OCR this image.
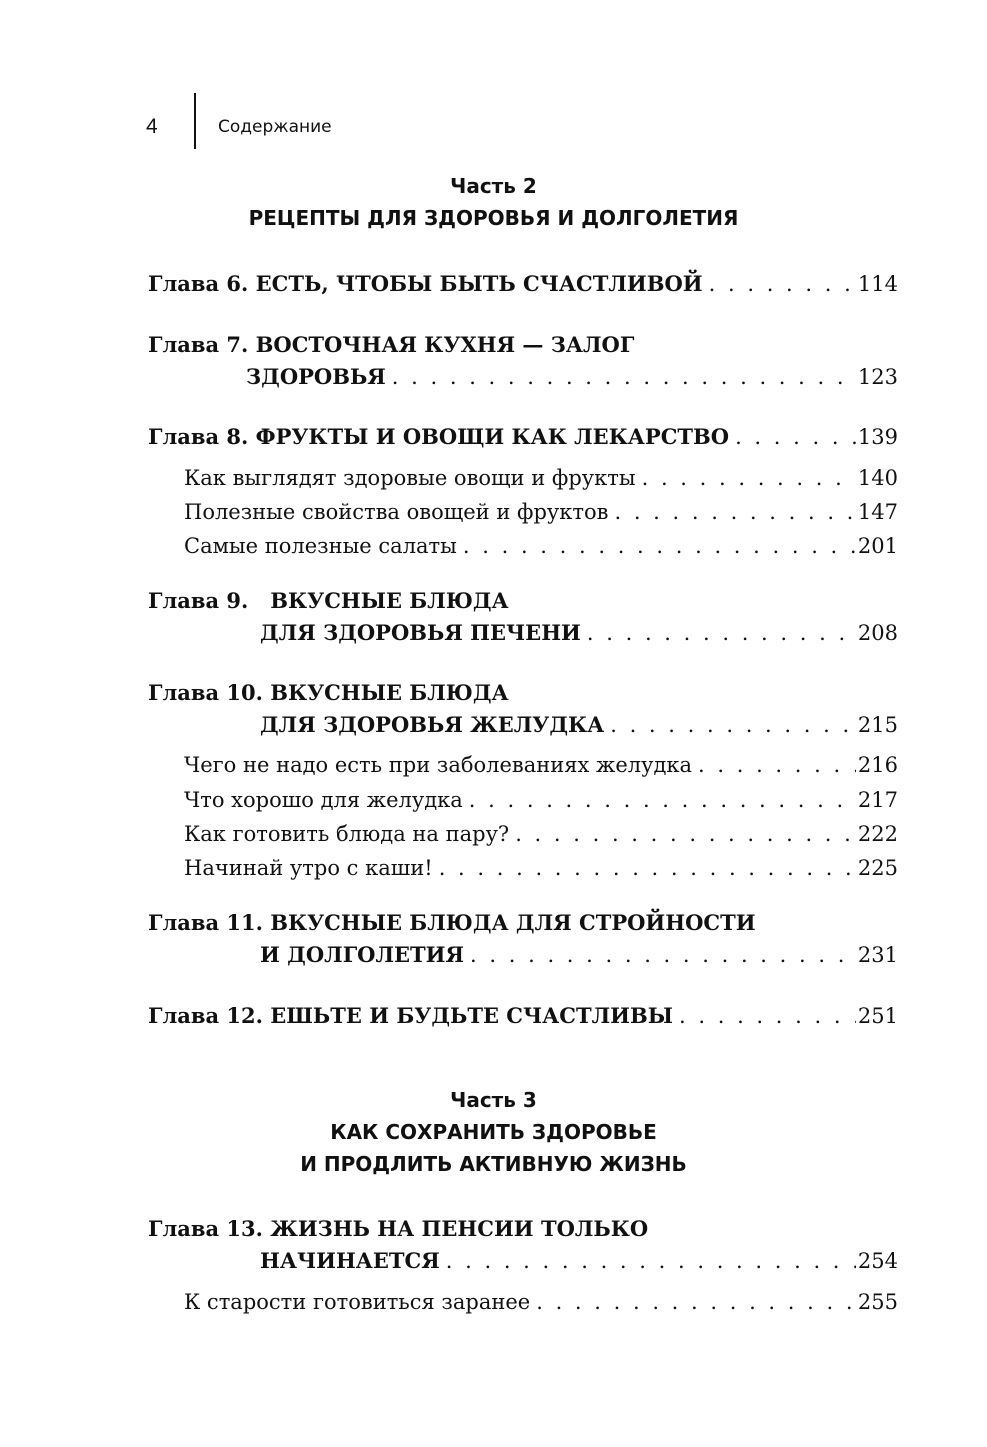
4	Содержание
Часть 2
РЕЦЕПТЫ ДЛЯ ЗДОРОВЬЯ И ДОЛГОЛЕТИЯ
Глава 6. ЕСТЬ, ЧТОБЫ БЫТЬ СЧАСТЛИВОЙ . . .	114
Глава 7. ВОСТОЧНАЯ КУХНЯ — ЗАЛОГ
ЗДОРОВЬЯ . . .	123
Глава 8. ФРУКТЫ И ОВОЩИ КАК ЛЕКАРСТВО . . .	139
Как выглядят здоровые овощи и фрукты . . .	140
Полезные свойства овощей и фруктов . . .	147
Самые полезные салаты . . .	201
Глава 9. ВКУСНЫЕ БЛЮДА
ДЛЯ ЗДОРОВЬЯ ПЕЧЕНИ . . .	208
Глава 10. ВКУСНЫЕ БЛЮДА
ДЛЯ ЗДОРОВЬЯ ЖЕЛУДКА . . .	215
Чего не надо есть при заболеваниях желудка . . .	216
Что хорошо для желудка . . .	217
Как готовить блюда на пару? . . .	222
Начинай утро с каши! . . .	225
Глава 11. ВКУСНЫЕ БЛЮДА ДЛЯ СТРОЙНОСТИ
И ДОЛГОЛЕТИЯ . . .	231
Глава 12. ЕШЬТЕ И БУДЬТЕ СЧАСТЛИВЫ . . .	251
Глава 13. ЖИЗНЬ НА ПЕНСИИ ТОЛЬКО
НАЧИНАЕТСЯ . . .	254
К старости готовиться заранее . . .	255
Часть 3
КАК СОХРАНИТЬ ЗДОРОВЬЕ
И ПРОДЛИТЬ АКТИВНУЮ ЖИЗНЬ
